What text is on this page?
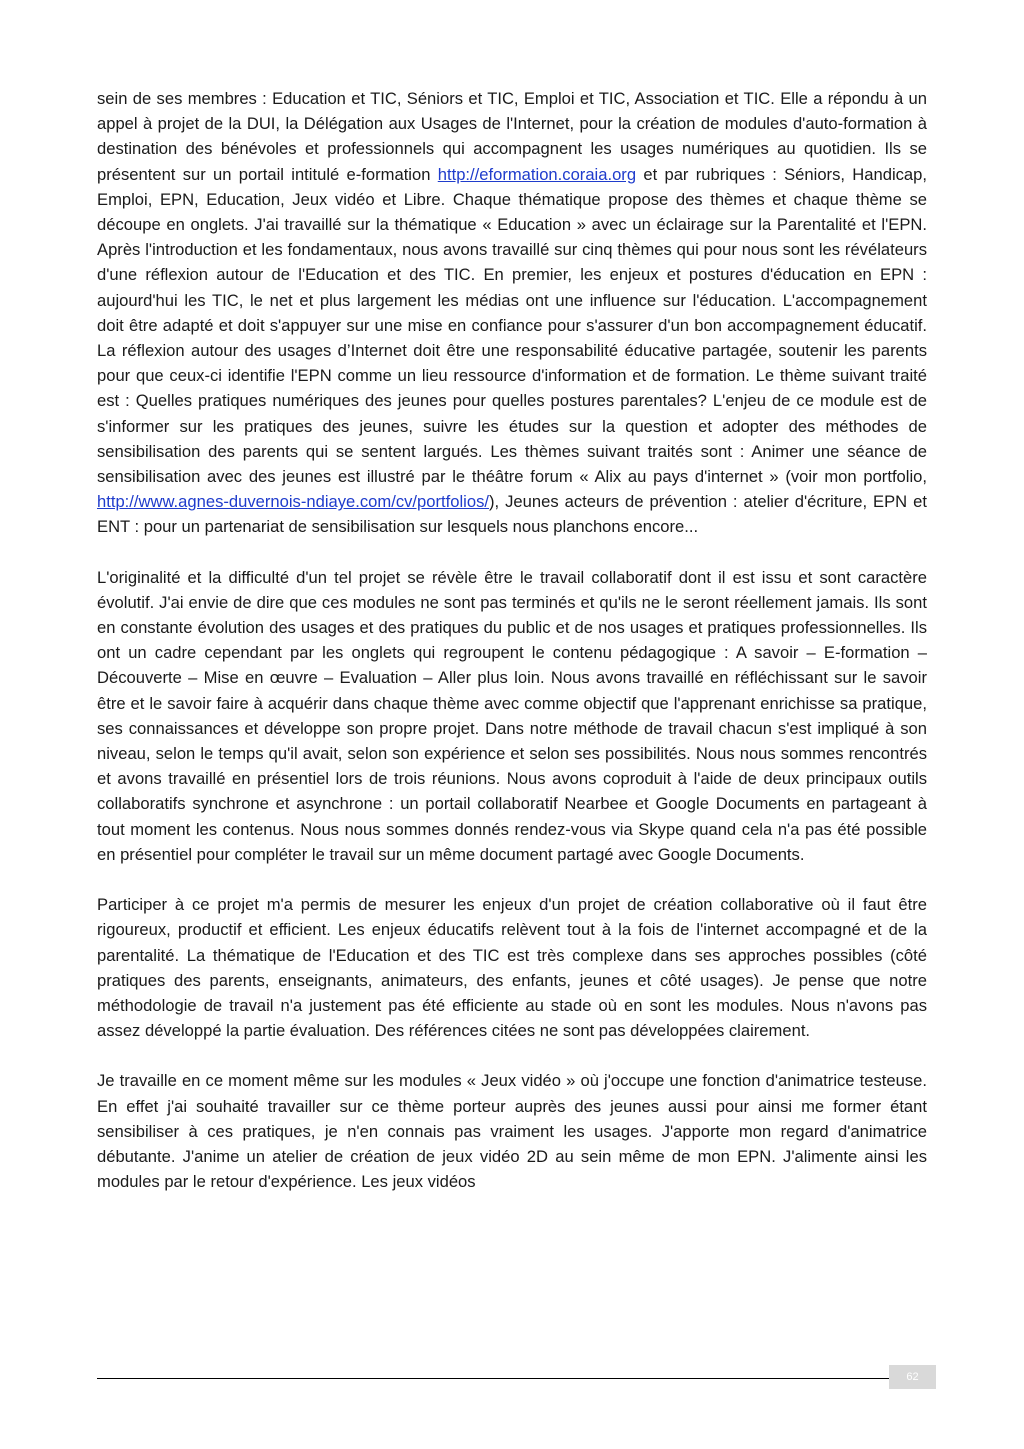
sein de ses membres : Education et TIC, Séniors et TIC, Emploi et TIC, Association et TIC. Elle a répondu à un appel à projet de la DUI, la Délégation aux Usages de l'Internet, pour la création de modules d'auto-formation à destination des bénévoles et professionnels qui accompagnent les usages numériques au quotidien. Ils se présentent sur un portail intitulé e-formation http://eformation.coraia.org et par rubriques : Séniors, Handicap, Emploi, EPN, Education, Jeux vidéo et Libre. Chaque thématique propose des thèmes et chaque thème se découpe en onglets. J'ai travaillé sur la thématique « Education » avec un éclairage sur la Parentalité et l'EPN. Après l'introduction et les fondamentaux, nous avons travaillé sur cinq thèmes qui pour nous sont les révélateurs d'une réflexion autour de l'Education et des TIC. En premier, les enjeux et postures d'éducation en EPN : aujourd'hui les TIC, le net et plus largement les médias ont une influence sur l'éducation. L'accompagnement doit être adapté et doit s'appuyer sur une mise en confiance pour s'assurer d'un bon accompagnement éducatif. La réflexion autour des usages d’Internet doit être une responsabilité éducative partagée, soutenir les parents pour que ceux-ci identifie l'EPN comme un lieu ressource d'information et de formation. Le thème suivant traité est : Quelles pratiques numériques des jeunes pour quelles postures parentales? L'enjeu de ce module est de s'informer sur les pratiques des jeunes, suivre les études sur la question et adopter des méthodes de sensibilisation des parents qui se sentent largués. Les thèmes suivant traités sont : Animer une séance de sensibilisation avec des jeunes est illustré par le théâtre forum « Alix au pays d'internet » (voir mon portfolio, http://www.agnes-duvernois-ndiaye.com/cv/portfolios/), Jeunes acteurs de prévention : atelier d'écriture, EPN et ENT : pour un partenariat de sensibilisation sur lesquels nous planchons encore...

L'originalité et la difficulté d'un tel projet se révèle être le travail collaboratif dont il est issu et sont caractère évolutif. J'ai envie de dire que ces modules ne sont pas terminés et qu'ils ne le seront réellement jamais. Ils sont en constante évolution des usages et des pratiques du public et de nos usages et pratiques professionnelles. Ils ont un cadre cependant par les onglets qui regroupent le contenu pédagogique : A savoir – E-formation – Découverte – Mise en œuvre – Evaluation – Aller plus loin. Nous avons travaillé en réfléchissant sur le savoir être et le savoir faire à acquérir dans chaque thème avec comme objectif que l'apprenant enrichisse sa pratique, ses connaissances et développe son propre projet. Dans notre méthode de travail chacun s'est impliqué à son niveau, selon le temps qu'il avait, selon son expérience et selon ses possibilités. Nous nous sommes rencontrés et avons travaillé en présentiel lors de trois réunions. Nous avons coproduit à l'aide de deux principaux outils collaboratifs synchrone et asynchrone : un portail collaboratif Nearbee et Google Documents en partageant à tout moment les contenus. Nous nous sommes donnés rendez-vous via Skype quand cela n'a pas été possible en présentiel pour compléter le travail sur un même document partagé avec Google Documents.

Participer à ce projet m'a permis de mesurer les enjeux d'un projet de création collaborative où il faut être rigoureux, productif et efficient. Les enjeux éducatifs relèvent tout à la fois de l'internet accompagné et de la parentalité. La thématique de l'Education et des TIC est très complexe dans ses approches possibles (côté pratiques des parents, enseignants, animateurs, des enfants, jeunes et côté usages). Je pense que notre méthodologie de travail n'a justement pas été efficiente au stade où en sont les modules. Nous n'avons pas assez développé la partie évaluation. Des références citées ne sont pas développées clairement.

Je travaille en ce moment même sur les modules « Jeux vidéo » où j'occupe une fonction d'animatrice testeuse. En effet j'ai souhaité travailler sur ce thème porteur auprès des jeunes aussi pour ainsi me former étant sensibiliser à ces pratiques, je n'en connais pas vraiment les usages. J'apporte mon regard d'animatrice débutante. J'anime un atelier de création de jeux vidéo 2D au sein même de mon EPN. J'alimente ainsi les modules par le retour d'expérience. Les jeux vidéos

62
